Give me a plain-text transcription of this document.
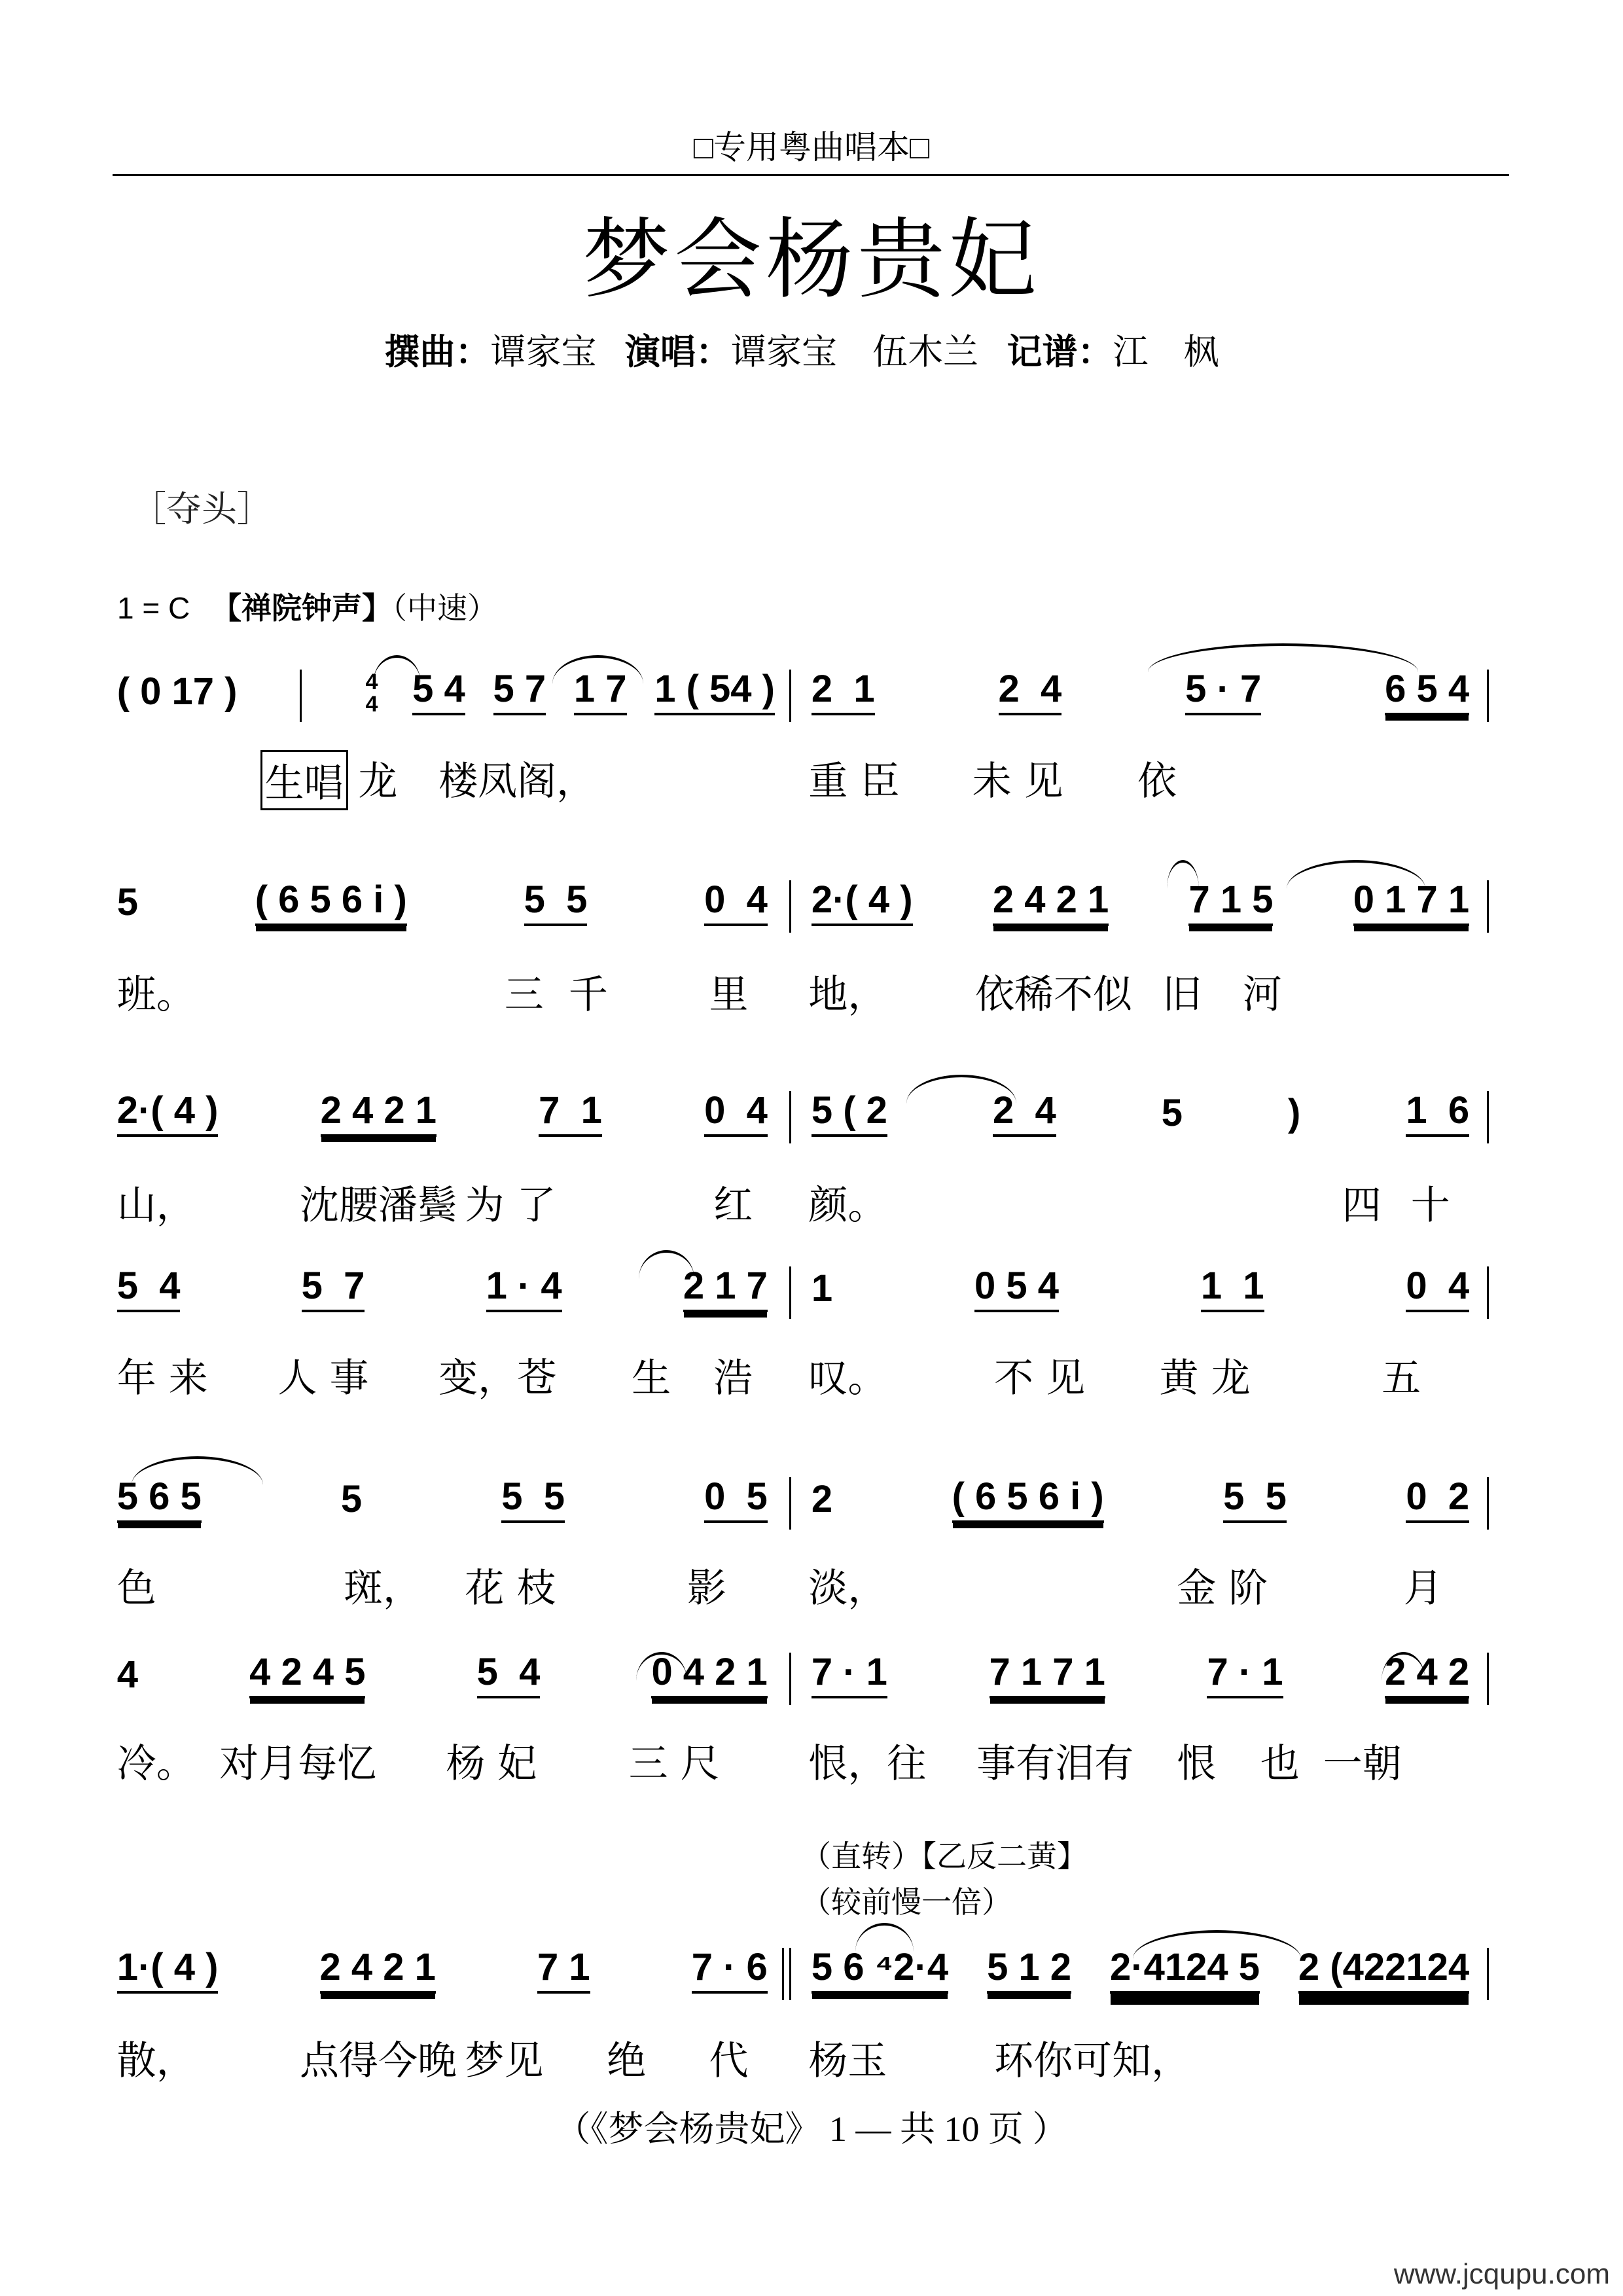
□专用粤曲唱本□
梦会杨贵妃
撰曲：谭家宝 演唱：谭家宝　伍木兰 记谱：江　枫
［夺头］
1 = C 【禅院钟声】（中速）
（直转）【乙反二黄】
（较前慢一倍）
( 0 17 )	4
4 5 4 5 7 1 7 1 ( 54 ) 2  1	2  4	5 · 7	6 5 4
生唱 龙 楼凤阁，	重 臣 未 见 依
5	( 6 5 6 i )	5  5	0  4 2·( 4 ) 2 4 2 1 7 1 5 0 1 7 1
班。	三  千	里 地， 依稀不似 旧 河
2·( 4 )	2 4 2 1	7  1	0  4 5 ( 2	2  4	5	)	1  6
山，	沈腰潘鬓 为 了	红 颜。	四 十
5  4	5  7	1 · 4	2 1 7 1	0 5 4	1  1	0  4
年 来 人 事 变，苍 生 浩 叹。	不 见 黄 龙	五
5 6 5	5	5  5	0  5 2	( 6 5 6 i )	5  5	0  2
色	斑， 花 枝	影 淡，	金 阶	月
4	4 2 4 5	5  4	0 4 2 1 7 · 1	7 1 7 1	7 · 1	2 4 2
冷。 对月每忆 杨 妃 三 尺 恨，往 事有泪有 恨 也 一朝
1·( 4 )	2 4 2 1	7 1	7 · 6 5 6 ⁴2·4 5 1 2 2·4124 5 2 (422124
散，	点得今晚 梦见 绝 代 杨玉	环你可知，
（《梦会杨贵妃》 1 — 共 10 页 ）
www.jcqupu.com
